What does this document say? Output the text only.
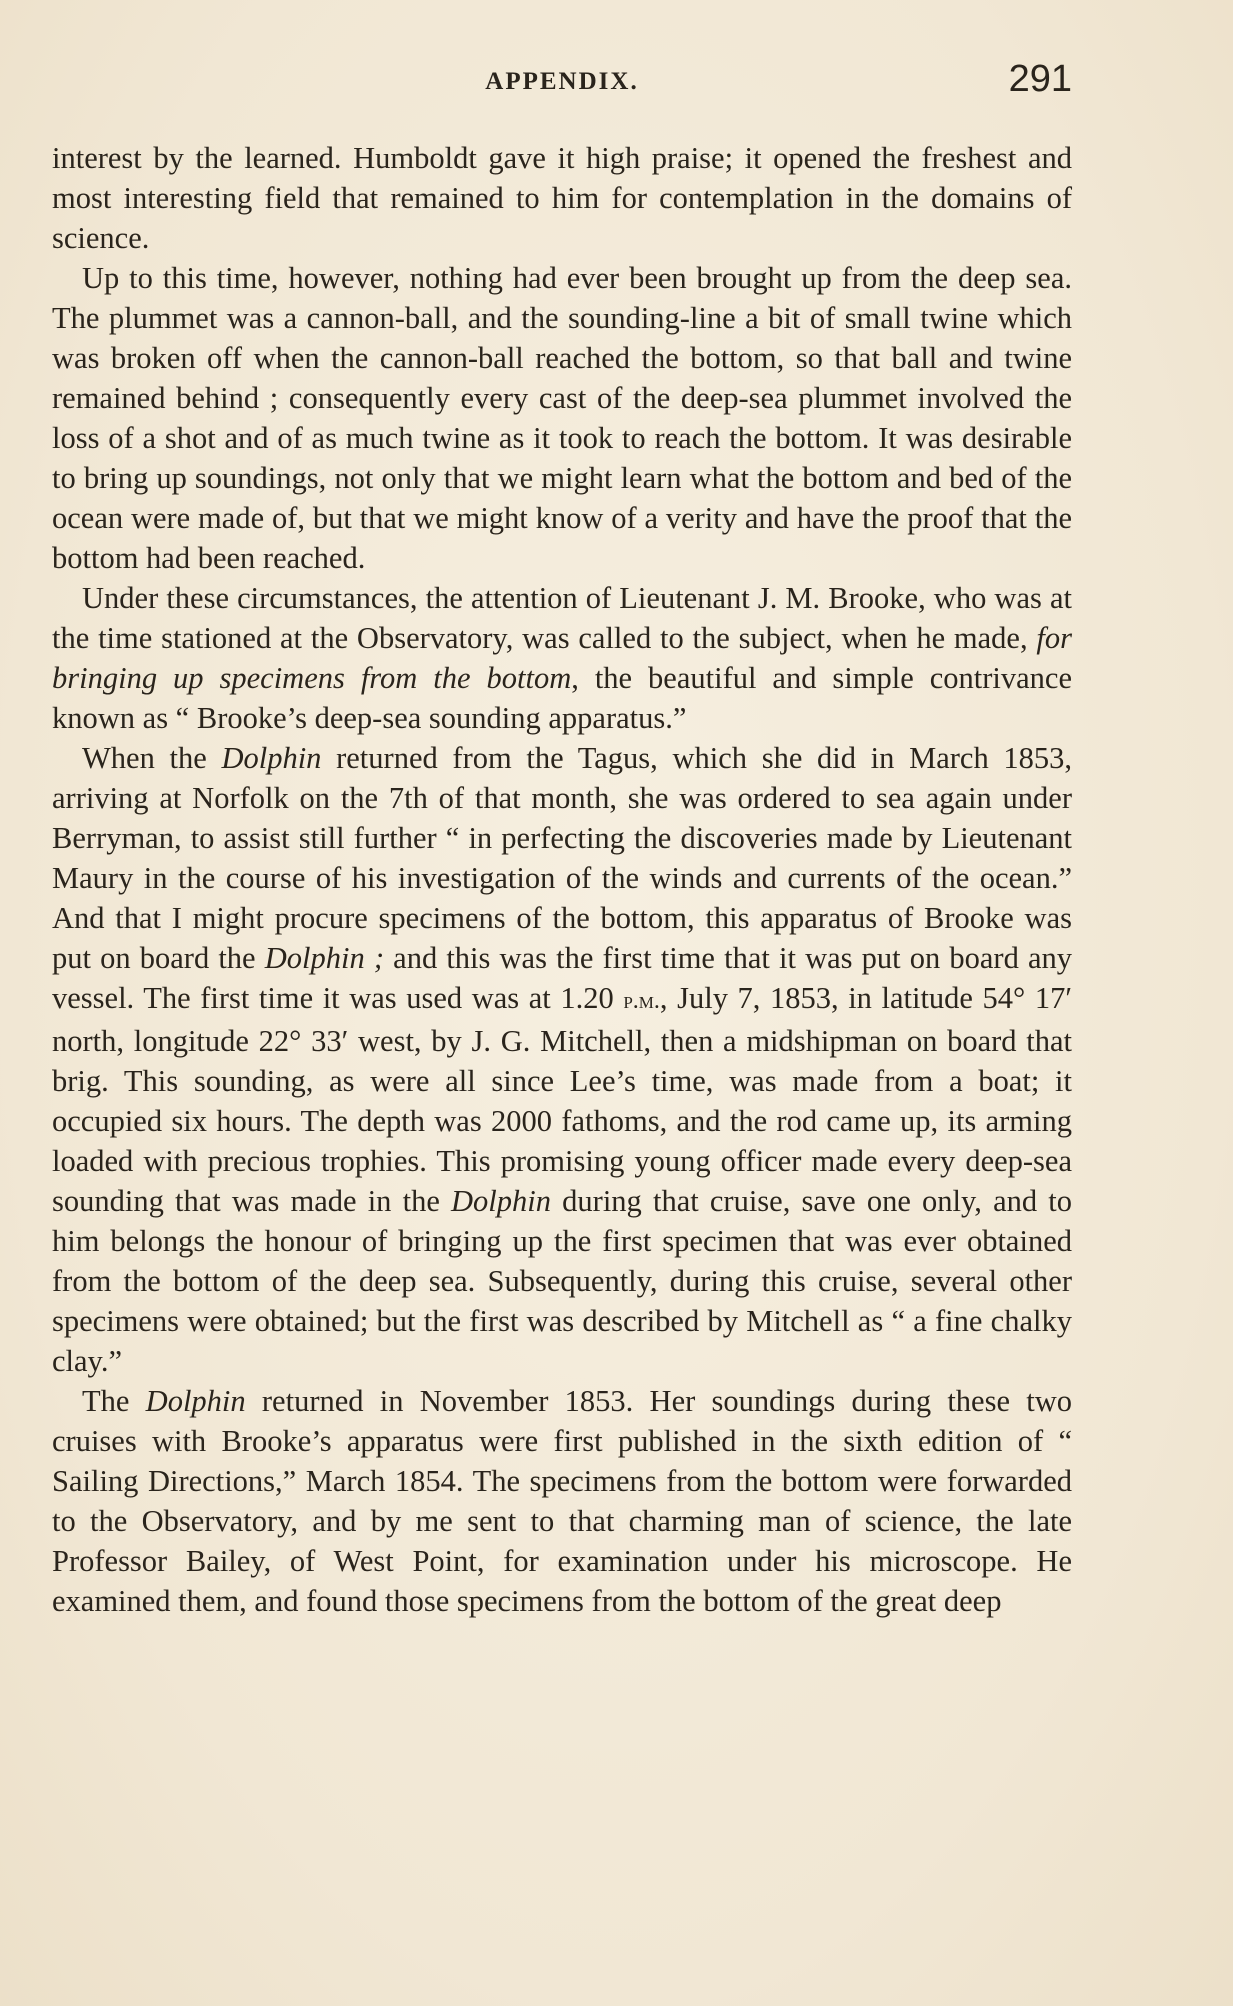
APPENDIX.	291

interest by the learned. Humboldt gave it high praise; it opened the freshest and most interesting field that remained to him for contemplation in the domains of science.

Up to this time, however, nothing had ever been brought up from the deep sea. The plummet was a cannon-ball, and the sounding-line a bit of small twine which was broken off when the cannon-ball reached the bottom, so that ball and twine remained behind ; consequently every cast of the deep-sea plummet involved the loss of a shot and of as much twine as it took to reach the bottom. It was desirable to bring up soundings, not only that we might learn what the bottom and bed of the ocean were made of, but that we might know of a verity and have the proof that the bottom had been reached.

Under these circumstances, the attention of Lieutenant J. M. Brooke, who was at the time stationed at the Observatory, was called to the subject, when he made, for bringing up specimens from the bottom, the beautiful and simple contrivance known as “ Brooke’s deep-sea sounding apparatus.”

When the Dolphin returned from the Tagus, which she did in March 1853, arriving at Norfolk on the 7th of that month, she was ordered to sea again under Berryman, to assist still further “ in perfecting the discoveries made by Lieutenant Maury in the course of his investigation of the winds and currents of the ocean.” And that I might procure specimens of the bottom, this apparatus of Brooke was put on board the Dolphin ; and this was the first time that it was put on board any vessel. The first time it was used was at 1.20 p.m., July 7, 1853, in latitude 54° 17′ north, longitude 22° 33′ west, by J. G. Mitchell, then a midshipman on board that brig. This sounding, as were all since Lee’s time, was made from a boat; it occupied six hours. The depth was 2000 fathoms, and the rod came up, its arming loaded with precious trophies. This promising young officer made every deep-sea sounding that was made in the Dolphin during that cruise, save one only, and to him belongs the honour of bringing up the first specimen that was ever obtained from the bottom of the deep sea. Subsequently, during this cruise, several other specimens were obtained; but the first was described by Mitchell as “ a fine chalky clay.”

The Dolphin returned in November 1853. Her soundings during these two cruises with Brooke’s apparatus were first published in the sixth edition of “ Sailing Directions,” March 1854. The specimens from the bottom were forwarded to the Observatory, and by me sent to that charming man of science, the late Professor Bailey, of West Point, for examination under his microscope. He examined them, and found those specimens from the bottom of the great deep
